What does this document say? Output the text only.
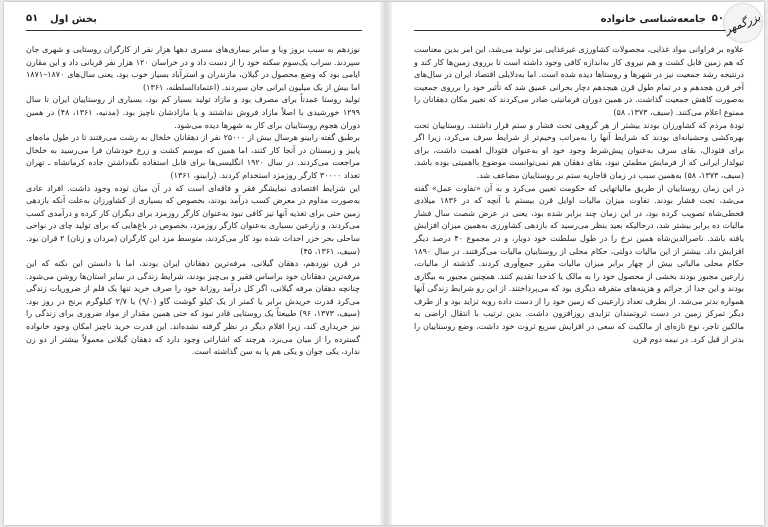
۵۱ بخش اول
نوزدهم به سبب بروز وبا و سایر بیماری‌های مسری دهها هزار نفر از کارگران روستایی و شهری جان سپردند. سراب یک‌سوم سکنه خود را از دست داد و در خراسان ۱۲۰ هزار نفر قربانی داد و این مقارن ایامی بود که وضع محصول در گیلان، مازندران و استرآباد بسیار خوب بود، یعنی سال‌های ۱۸۷۰–۱۸۷۱ اما بیش از یک میلیون ایرانی جان سپردند. (اعتمادالسلطنه، ۱۳۶۱)
تولید روستا عمدتاً برای مصرف بود و مازاد تولید بسیار کم بود، بسیاری از روستاییان ایران تا سال ۱۲۹۹ خورشیدی با اصلاً مازاد فروش نداشتند و یا مازادشان ناچیز بود. (مدنیه، ۱۳۶۱، ۴۸) در همین دوران هجوم روستاییان برای کار به شهرها دیده می‌شود.
برطبق گفته رابینو هرسال بیش از ۲۵۰۰۰ نفر از دهقانان خلخال به رشت می‌رفتند تا در طول ماه‌های پاییز و زمستان در آنجا کار کنند، اما همین که موسم کشت و زرع خودشان فرا می‌رسید به خلخال مراجعت می‌کردند. در سال ۱۹۲۰ انگلیسی‌ها برای قابل استفاده نگه‌داشتن جاده کرمانشاه ـ تهران تعداد ۳۰۰۰۰ کارگر روزمزد استخدام کردند. (رابینو، ۱۳۶۱)
این شرایط اقتصادی نمایشگر فقر و فاقه‌ای است که در آن میان توده وجود داشت. افراد عادی به‌صورت مداوم در معرض کسب درآمد بودند، بخصوص که بسیاری از کشاورزان به‌علت آنکه بازدهی زمین حتی برای تغذیه آنها نیز کافی نبود به‌عنوان کارگر روزمزد برای دیگران کار کرده و درآمدی کسب می‌کردند، و زارعین بسیاری به‌عنوان کارگر روزمزد، بخصوص در باغ‌هایی که برای تولید چای در نواحی ساحلی بحر خزر احداث شده بود کار می‌کردند، متوسط مزد این کارگران (مردان و زنان) ۲ قران بود. (سیف، ۱۳۶۱، ۴۵)
در قرن نوزدهم، دهقان گیلانی، مرفه‌ترین دهقانان ایران بودند، اما با دانستن این نکته که این مرفه‌ترین دهقانان خود براساس فقیر و بی‌چیز بودند، شرایط زندگی در سایر استان‌ها روشن می‌شود. چنانچه دهقان مرفه گیلانی، اگر کل درآمد روزانهٔ خود را صرف خرید تنها یک قلم از ضروریات زندگی می‌کرد قدرت خریدش برابر یا کمتر از یک کیلو گوشت گاو (۹/۰) با ۲/۷ کیلوگرم برنج در روز بود. (سیف، ۱۳۷۳، ۹۶) طبیعتاً یک روستایی قادر نبود که حتی همین مقدار از مواد ضروری برای زندگی را نیز خریداری کند، زیرا اقلام دیگر در نظر گرفته نشده‌اند. این قدرت خرید ناچیز امکان وجود خانواده گسترده را از میان می‌برد. هرچند که اشاراتی وجود دارد که دهقان گیلانی معمولاً بیشتر از دو زن ندارد، یکی جوان و یکی هم پا به سن گذاشته است.
۵۰
جامعه‌شناسی خانواده
علاوه بر فراوانی مواد غذایی، محصولات کشاورزی غیرغذایی نیز تولید می‌شد، این امر بدین معناست که هم زمین قابل کشت و هم نیروی کار به‌اندازه کافی وجود داشته است تا برروی زمین‌ها کار کند و درنتیجه رشد جمعیت نیز در شهرها و روستاها دیده شده است. اما به‌دلایلی اقتصاد ایران در سال‌های آخر قرن هجدهم و در تمام طول قرن هیجدهم دچار بحرانی عمیق شد که تأثیر خود را برروی جمعیت به‌صورت کاهش جمعیت گذاشت. در همین دوران فرمانیتی صادر می‌کردند که تغییر مکان دهقانان را ممنوع اعلام می‌کنند. (سیف، ۱۳۷۳، ۵۸)
تودهٔ مردم که کشاورزان بودند بیشتر از هر گروهی تحت فشار و ستم قرار داشتند. روستاییان تحت بهره‌کشی وحشیانه‌ای بودند که شرایط آنها را به‌مراتب وخیم‌تر از شرایط سرف می‌کرد، زیرا اگر برای فئودال، بقای سرف به‌عنوان پیش‌شرط وجود خود او به‌عنوان فئودال اهمیت داشت، برای تیولدار ایرانی که از فرمایش مطمئن نبود، بقای دهقان هم نمی‌توانست موضوع بااهمیتی بوده باشد. (سیف، ۱۳۷۳، ۵۸) به‌همین سبب در زمان قاجاریه ستم بر روستاییان مضاعف شد.
در این زمان روستاییان از طریق مالیاتهایی که حکومت تعیین می‌کرد و به آن «تفاوت عمل» گفته می‌شد، تحت فشار بودند. تفاوت میزان مالیات اوایل قرن بیستم با آنچه که در ۱۸۳۶ میلادی قحطی‌شاه تصویب کرده بود، در این زمان چند برابر شده بود، یعنی در عرض شصت سال فشار مالیات ده برابر بیشتر شد، درحالیکه بعید بنظر می‌رسید که بازدهی کشاورزی به‌همین میزان افزایش یافته باشد. ناصرالدین‌شاه همین نرخ را در طول سلطنت خود دوبار، و در مجموع ۴۰ درصد دیگر افزایش داد. بیشتر از این مالیات دولتی، حکام محلی از روستاییان مالیات می‌گرفتند. در سال ۱۸۹۰ حکام محلی مالیاتی بیش از چهار برابر میزان مالیات مقرر جمع‌آوری کردند. گذشته از مالیات، زارعین مجبور بودند بخشی از محصول خود را به مالک یا کدخدا تقدیم کنند. همچنین مجبور به بیگاری بودند و این جدا از جرائم و هزینه‌های متفرقه دیگری بود که می‌پرداختند. از این رو شرایط زندگی آنها همواره بدتر می‌شد. از بطرف تعداد زارعینی که زمین خود را از دست داده روبه تزاید بود و از طرف دیگر تمرکز زمین در دست ثروتمندان تزایدی روزافزون داشت. بدین ترتیب با انتقال اراضی به مالکین تاجر، نوع تازه‌ای از مالکیت که سعی در افزایش سریع ثروت خود داشت، وضع روستاییان را بدتر از قبل کرد. در نیمه دوم قرن
بزرگمهر
